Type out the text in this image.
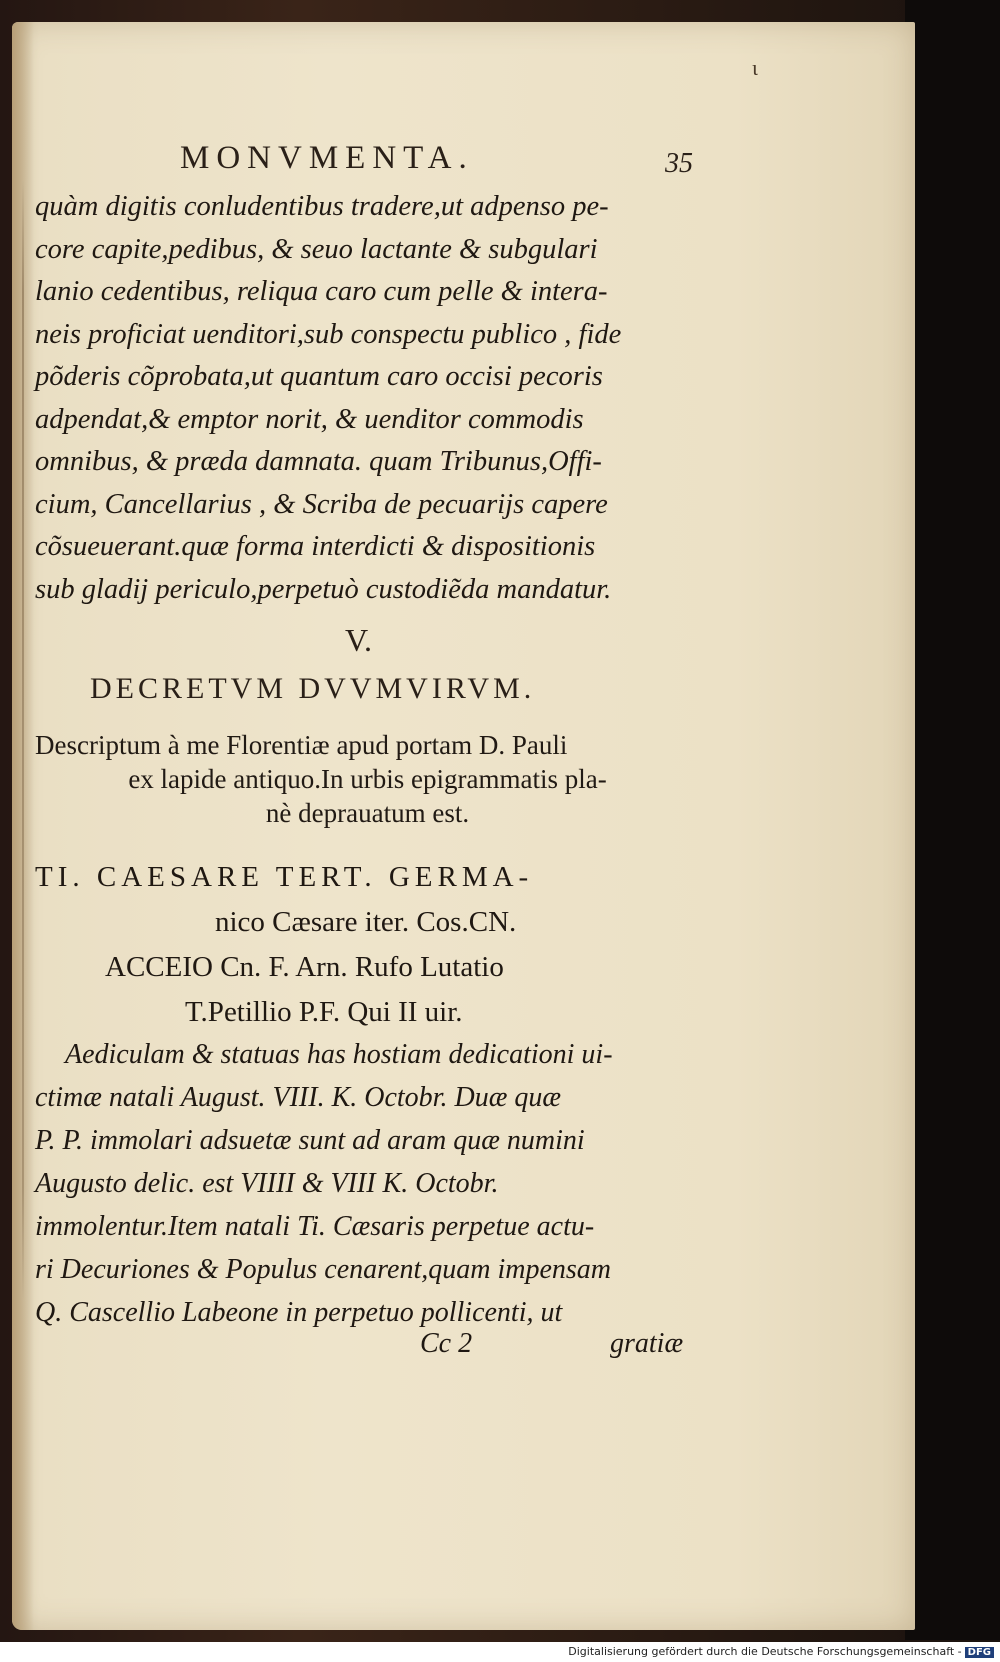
ι
MONVMENTA.	35
quàm digitis conludentibus tradere,ut adpenso pe-
core capite,pedibus, & seuo lactante & subgulari
lanio cedentibus, reliqua caro cum pelle & intera-
neis proficiat uenditori,sub conspectu publico , fide
põderis cõprobata,ut quantum caro occisi pecoris
adpendat,& emptor norit, & uenditor commodis
omnibus, & præda damnata. quam Tribunus,Offi-
cium, Cancellarius , & Scriba de pecuarijs capere
cõsueuerant.quæ forma interdicti & dispositionis
sub gladij periculo,perpetuò custodiẽda mandatur.
V.
DECRETVM DVVMVIRVM.
Descriptum à me Florentiæ apud portam D. Pauli
ex lapide antiquo.In urbis epigrammatis pla-
nè deprauatum est.
TI. CAESARE TERT. GERMA-
nico Cæsare iter. Cos.CN.
ACCEIO Cn. F. Arn. Rufo Lutatio
T.Petillio P.F. Qui II uir.
Aediculam & statuas has hostiam dedicationi ui-
ctimæ natali August. VIII. K. Octobr. Duæ quæ
P. P. immolari adsuetæ sunt ad aram quæ numini
Augusto delic. est VIIII & VIII K. Octobr.
immolentur.Item natali Ti. Cæsaris perpetue actu-
ri Decuriones & Populus cenarent,quam impensam
Q. Cascellio Labeone in perpetuo pollicenti, ut
Cc 2	gratiæ
Digitalisierung gefördert durch die Deutsche Forschungsgemeinschaft - DFG
